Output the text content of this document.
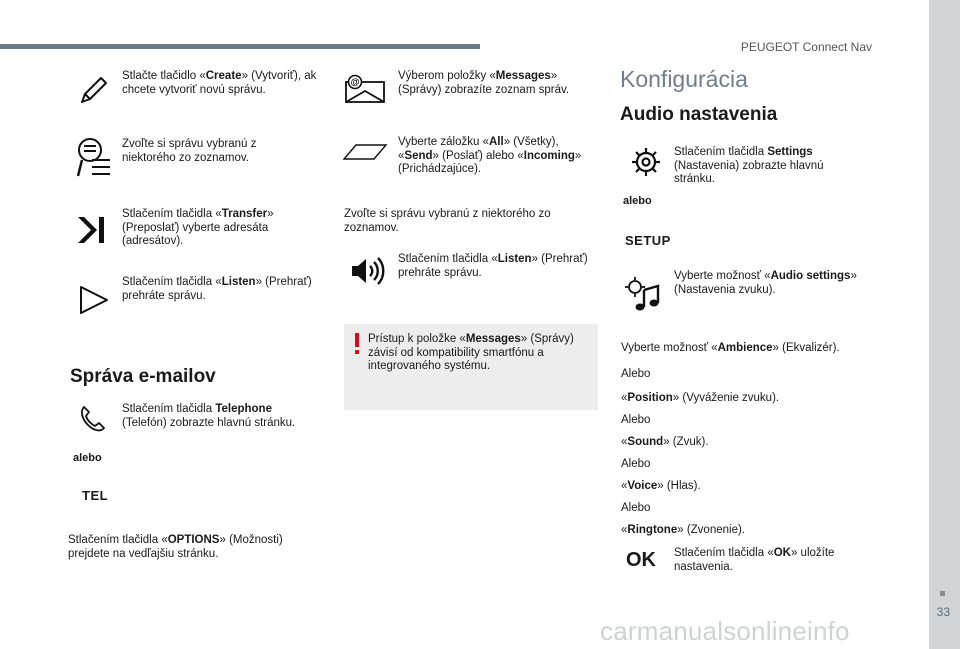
PEUGEOT Connect Nav
33
Stlačte tlačidlo «Create» (Vytvoriť), ak chcete vytvoriť novú správu.
Zvoľte si správu vybranú z niektorého zo zoznamov.
Stlačením tlačidla «Transfer» (Preposlať) vyberte adresáta (adresátov).
Stlačením tlačidla «Listen» (Prehrať) prehráte správu.
Správa e-mailov
Stlačením tlačidla Telephone (Telefón) zobrazte hlavnú stránku.
alebo
TEL
Stlačením tlačidla «OPTIONS» (Možnosti) prejdete na vedľajšiu stránku.
@	Výberom položky «Messages» (Správy) zobrazíte zoznam správ.
Vyberte záložku «All» (Všetky), «Send» (Poslať) alebo «Incoming» (Prichádzajúce).
Zvoľte si správu vybranú z niektorého zo zoznamov.
Stlačením tlačidla «Listen» (Prehrať) prehráte správu.
Prístup k položke «Messages» (Správy) závisí od kompatibility smartfónu a integrovaného systému.
Konfigurácia
Audio nastavenia
Stlačením tlačidla Settings (Nastavenia) zobrazte hlavnú stránku.
alebo
SETUP
Vyberte možnosť «Audio settings» (Nastavenia zvuku).
Vyberte možnosť «Ambience» (Ekvalizér).
Alebo
«Position» (Vyváženie zvuku).
Alebo
«Sound» (Zvuk).
Alebo
«Voice» (Hlas).
Alebo
«Ringtone» (Zvonenie).
OK Stlačením tlačidla «OK» uložíte nastavenia.
carmanualsonlineinfo
